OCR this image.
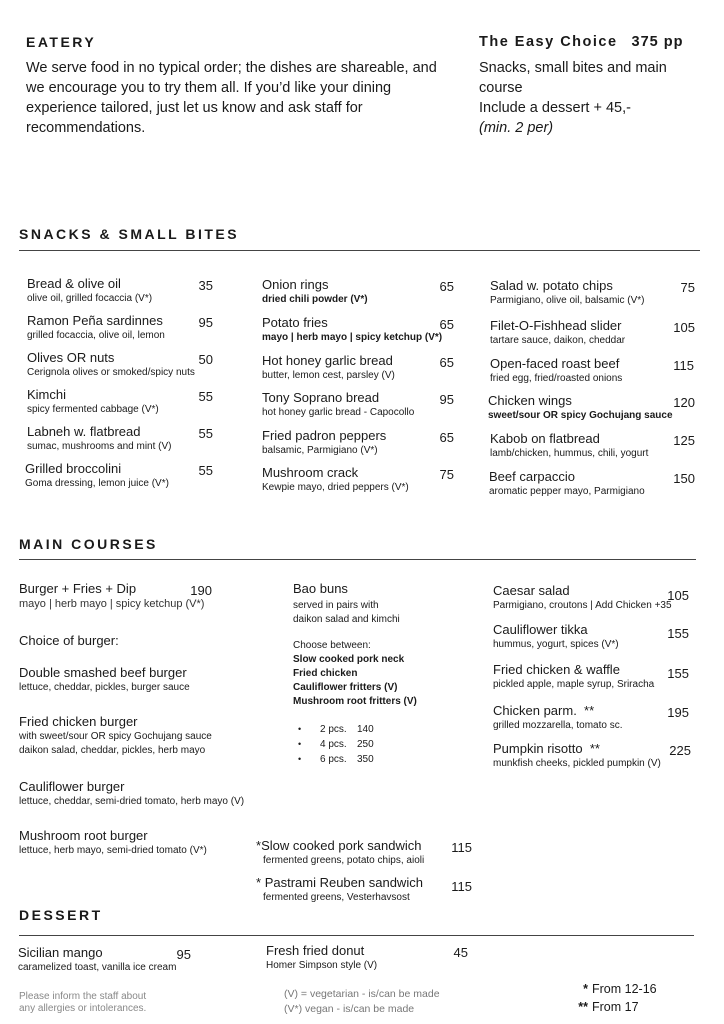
EATERY
We serve food in no typical order; the dishes are shareable, and we encourage you to try them all. If you’d like your dining experience tailored, just let us know and ask staff for recommendations.
The Easy Choice 375 pp
Snacks, small bites and main
course
Include a dessert + 45,-
(min. 2 per)
SNACKS & SMALL BITES
Bread & olive oil	35
olive oil, grilled focaccia (V*)
Ramon Peña sardinnes	95
grilled focaccia, olive oil, lemon
Olives OR nuts	50
Cerignola olives or smoked/spicy nuts
Kimchi	55
spicy fermented cabbage (V*)
Labneh w. flatbread	55
sumac, mushrooms and mint (V)
Grilled broccolini	55
Goma dressing, lemon juice (V*)
Onion rings	65
dried chili powder (V*)
Potato fries	65
mayo | herb mayo | spicy ketchup (V*)
Hot honey garlic bread	65
butter, lemon cest, parsley (V)
Tony Soprano bread	95
hot honey garlic bread - Capocollo
Fried padron peppers	65
balsamic, Parmigiano (V*)
Mushroom crack	75
Kewpie mayo, dried peppers (V*)
Salad w. potato chips	75
Parmigiano, olive oil, balsamic (V*)
Filet-O-Fishhead slider	105
tartare sauce, daikon, cheddar
Open-faced roast beef	115
fried egg, fried/roasted onions
Chicken wings	120
sweet/sour OR spicy Gochujang sauce
Kabob on flatbread	125
lamb/chicken, hummus, chili, yogurt
Beef carpaccio	150
aromatic pepper mayo, Parmigiano
MAIN COURSES
Burger + Fries + Dip	190
mayo | herb mayo | spicy ketchup (V*)
Choice of burger:
Double smashed beef burger
lettuce, cheddar, pickles, burger sauce
Fried chicken burger
with sweet/sour OR spicy Gochujang sauce
daikon salad, cheddar, pickles, herb mayo
Cauliflower burger
lettuce, cheddar, semi-dried tomato, herb mayo (V)
Mushroom root burger
lettuce, herb mayo, semi-dried tomato (V*)
Bao buns
served in pairs with
daikon salad and kimchi
Choose between:
Slow cooked pork neck
Fried chicken
Cauliflower fritters (V)
Mushroom root fritters (V)
• 2 pcs. 140
• 4 pcs. 250
• 6 pcs. 350
*Slow cooked pork sandwich	115
fermented greens, potato chips, aioli
* Pastrami Reuben sandwich	115
fermented greens, Vesterhavsost
Caesar salad	105
Parmigiano, croutons | Add Chicken +35
Cauliflower tikka	155
hummus, yogurt, spices (V*)
Fried chicken & waffle	155
pickled apple, maple syrup, Sriracha
Chicken parm.  **	195
grilled mozzarella, tomato sc.
Pumpkin risotto  **	225
munkfish cheeks, pickled pumpkin (V)
DESSERT
Sicilian mango	95
caramelized toast, vanilla ice cream
Fresh fried donut	45
Homer Simpson style (V)
Please inform the staff about
any allergies or intolerances.
(V) = vegetarian - is/can be made
(V*) vegan - is/can be made
* From 12-16
** From 17
